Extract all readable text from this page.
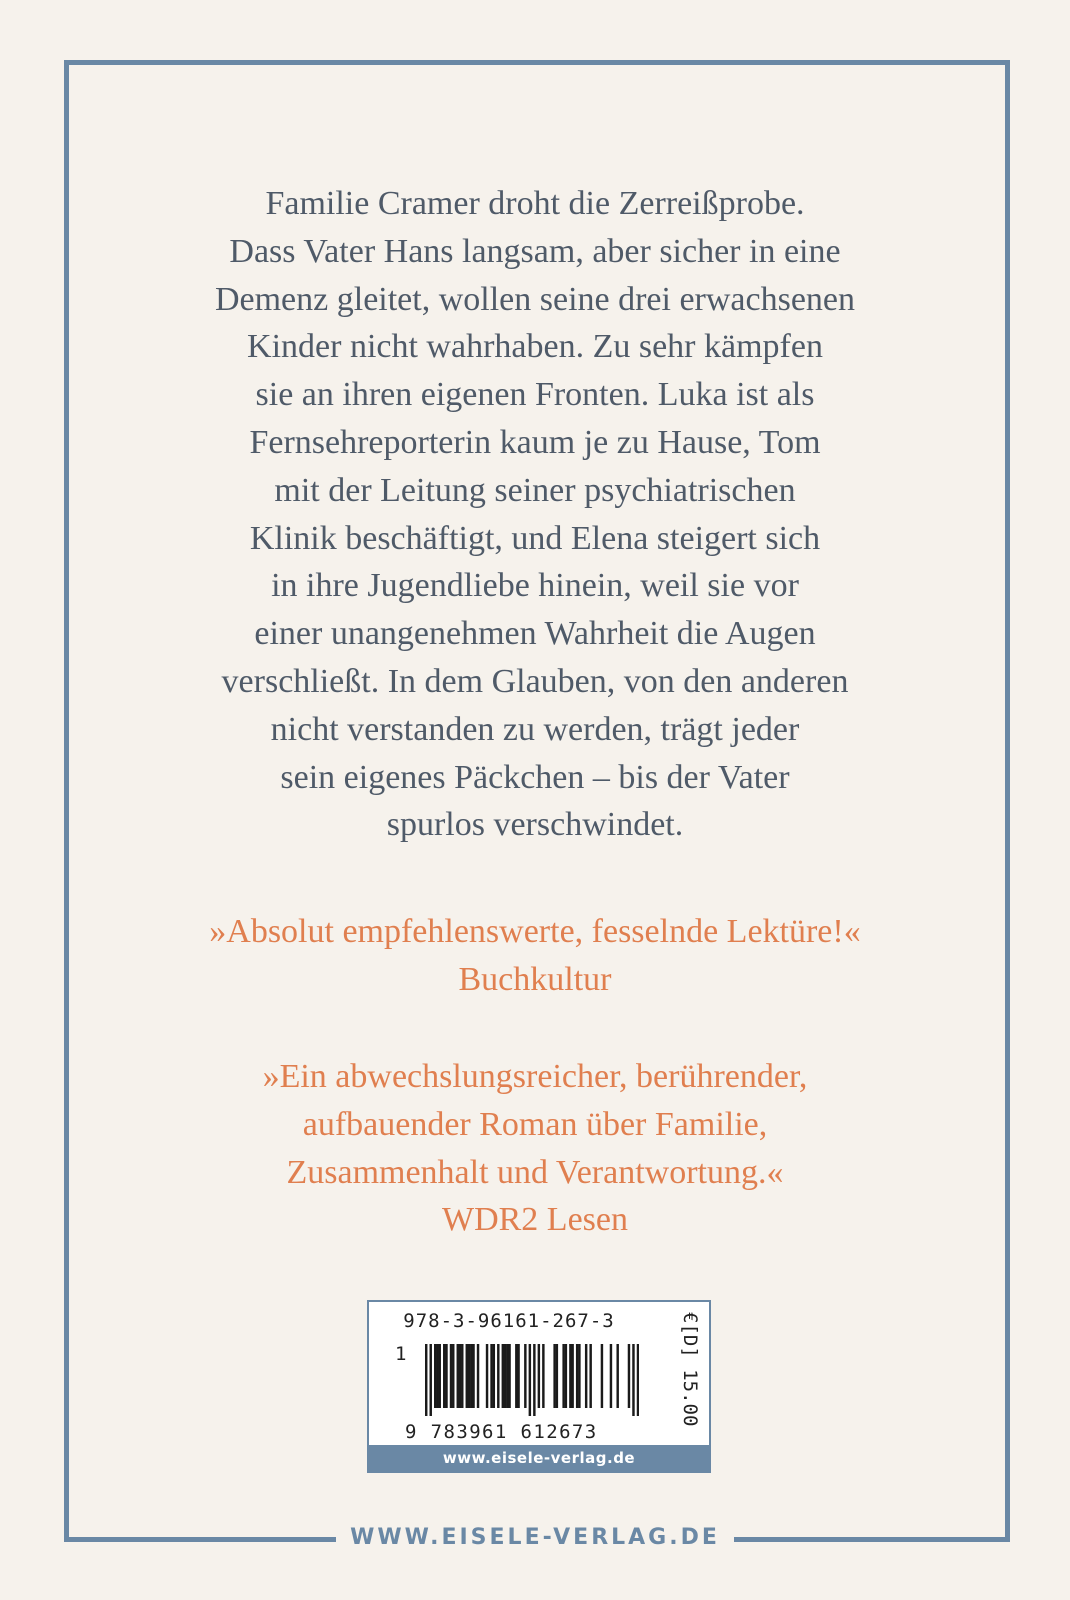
Familie Cramer droht die Zerreißprobe.
Dass Vater Hans langsam, aber sicher in eine
Demenz gleitet, wollen seine drei erwachsenen
Kinder nicht wahrhaben. Zu sehr kämpfen
sie an ihren eigenen Fronten. Luka ist als
Fernsehreporterin kaum je zu Hause, Tom
mit der Leitung seiner psychiatrischen
Klinik beschäftigt, und Elena steigert sich
in ihre Jugendliebe hinein, weil sie vor
einer unangenehmen Wahrheit die Augen
verschließt. In dem Glauben, von den anderen
nicht verstanden zu werden, trägt jeder
sein eigenes Päckchen – bis der Vater
spurlos verschwindet.
»Absolut empfehlenswerte, fesselnde Lektüre!«
Buchkultur
»Ein abwechslungsreicher, berührender,
aufbauender Roman über Familie,
Zusammenhalt und Verantwortung.«
WDR2 Lesen
978-3-96161-267-3
1
9 783961 612673
€[D] 15.00
www.eisele-verlag.de
WWW.EISELE-VERLAG.DE
